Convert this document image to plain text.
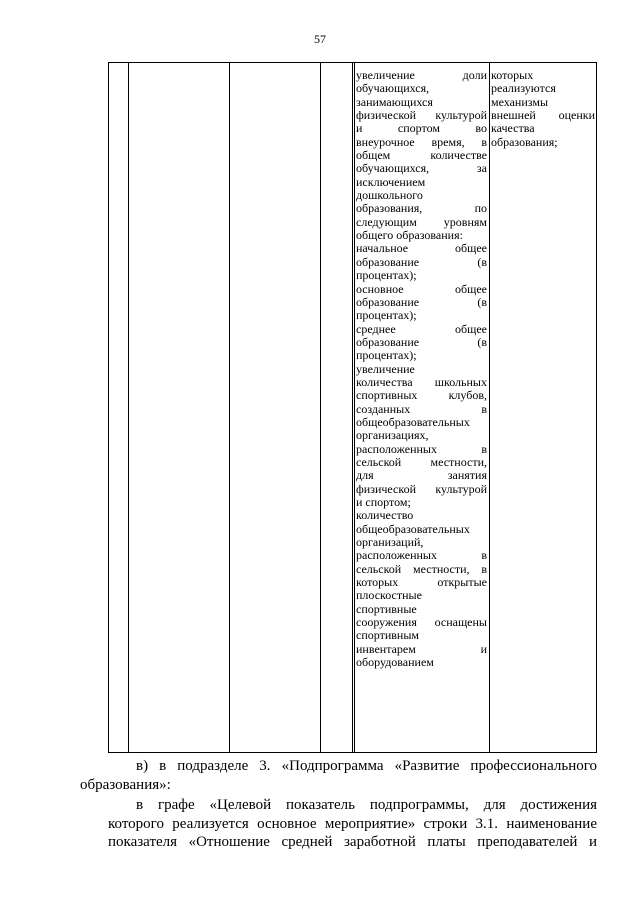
57
увеличение доли
обучающихся,
занимающихся
физической культурой
и спортом во
внеурочное время, в
общем количестве
обучающихся, за
исключением
дошкольного
образования, по
следующим уровням
общего образования:
начальное общее
образование (в
процентах);
основное общее
образование (в
процентах);
среднее общее
образование (в
процентах);
увеличение
количества школьных
спортивных клубов,
созданных в
общеобразовательных
организациях,
расположенных в
сельской местности,
для занятия
физической культурой
и спортом;
количество
общеобразовательных
организаций,
расположенных в
сельской местности, в
которых открытые
плоскостные
спортивные
сооружения оснащены
спортивным
инвентарем и
оборудованием
которых
реализуются
механизмы
внешней оценки
качества
образования;
в) в подразделе 3. «Подпрограмма «Развитие профессионального
образования»:
в графе «Целевой показатель подпрограммы, для достижения
которого реализуется основное мероприятие» строки 3.1. наименование
показателя «Отношение средней заработной платы преподавателей и
